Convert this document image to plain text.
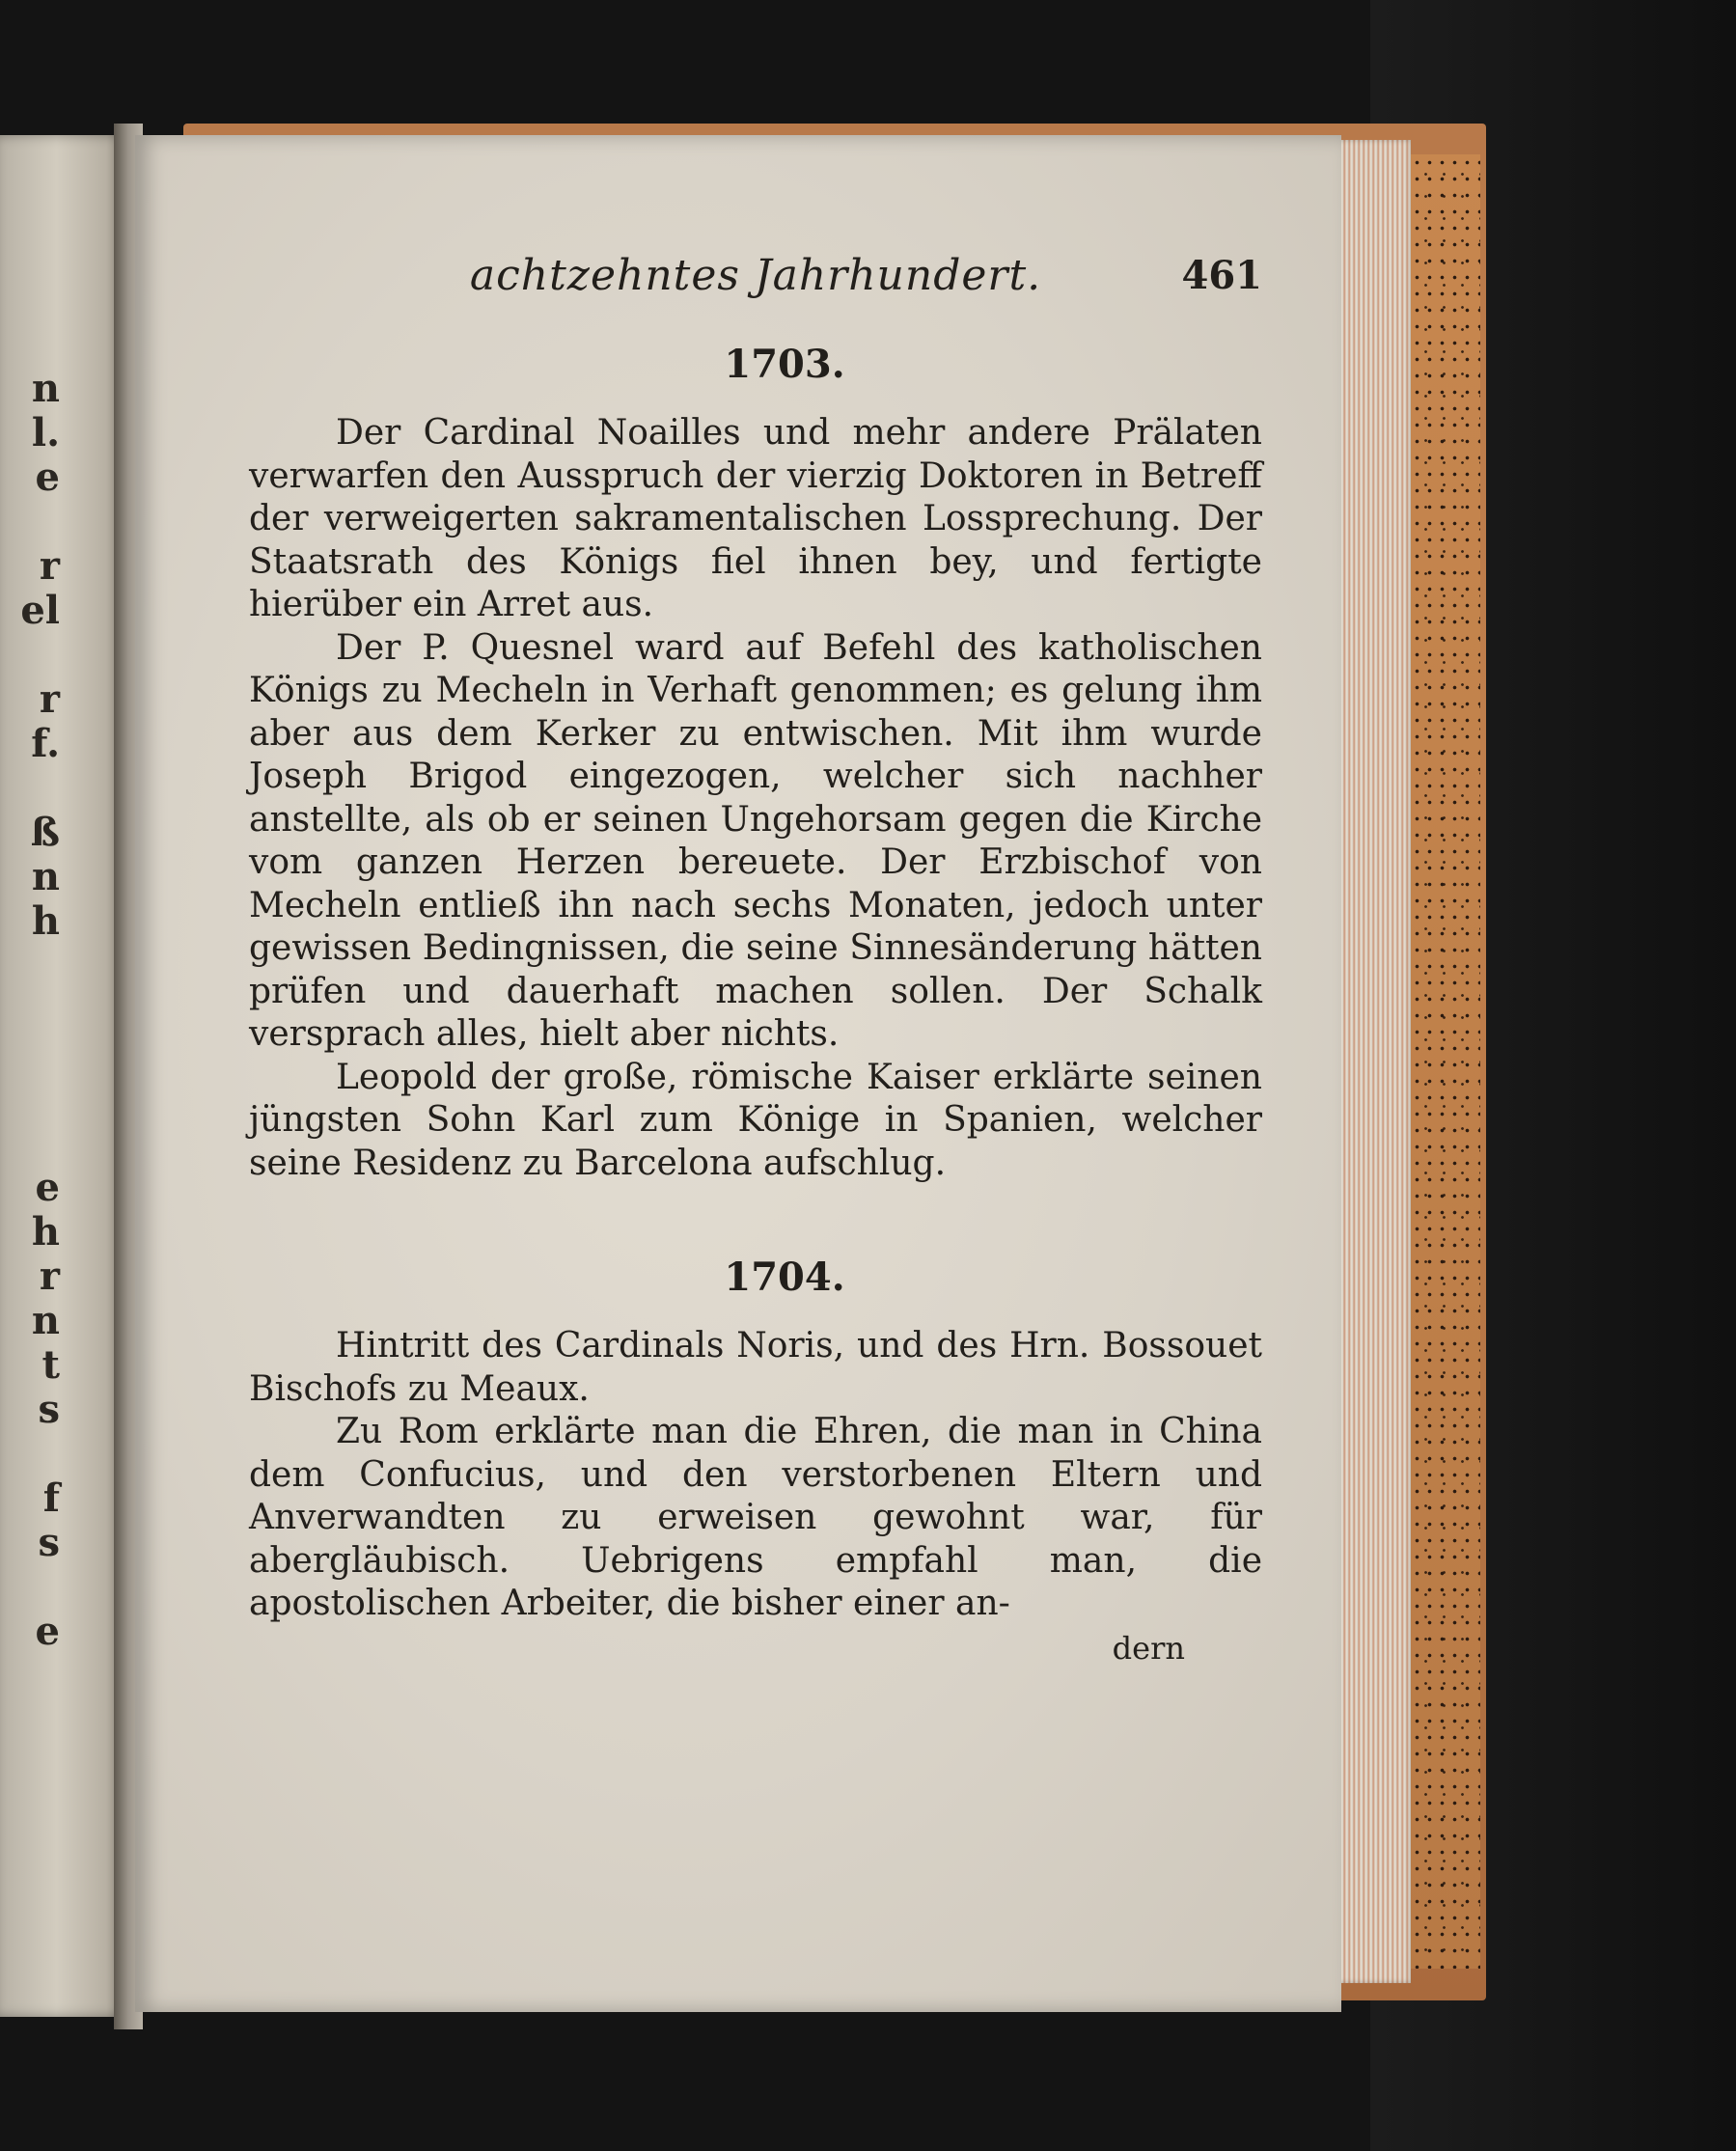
n
l.
e
r
el
r
f.
ß
n
h
e
h
r
n
t
s
f
s
e
achtzehntes Jahrhundert.	461
1703.

Der Cardinal Noailles und mehr andere Prälaten verwarfen den Ausspruch der vierzig Doktoren in Betreff der verweigerten sakramentalischen Lossprechung. Der Staatsrath des Königs fiel ihnen bey, und fertigte hierüber ein Arret aus.

Der P. Quesnel ward auf Befehl des katholischen Königs zu Mecheln in Verhaft genommen; es gelung ihm aber aus dem Kerker zu entwischen. Mit ihm wurde Joseph Brigod eingezogen, welcher sich nachher anstellte, als ob er seinen Ungehorsam gegen die Kirche vom ganzen Herzen bereuete. Der Erzbischof von Mecheln entließ ihn nach sechs Monaten, jedoch unter gewissen Bedingnissen, die seine Sinnesänderung hätten prüfen und dauerhaft machen sollen. Der Schalk versprach alles, hielt aber nichts.

Leopold der große, römische Kaiser erklärte seinen jüngsten Sohn Karl zum Könige in Spanien, welcher seine Residenz zu Barcelona aufschlug.

1704.

Hintritt des Cardinals Noris, und des Hrn. Bossouet Bischofs zu Meaux.

Zu Rom erklärte man die Ehren, die man in China dem Confucius, und den verstorbenen Eltern und Anverwandten zu erweisen gewohnt war, für abergläubisch. Uebrigens empfahl man, die apostolischen Arbeiter, die bisher einer an-

dern
